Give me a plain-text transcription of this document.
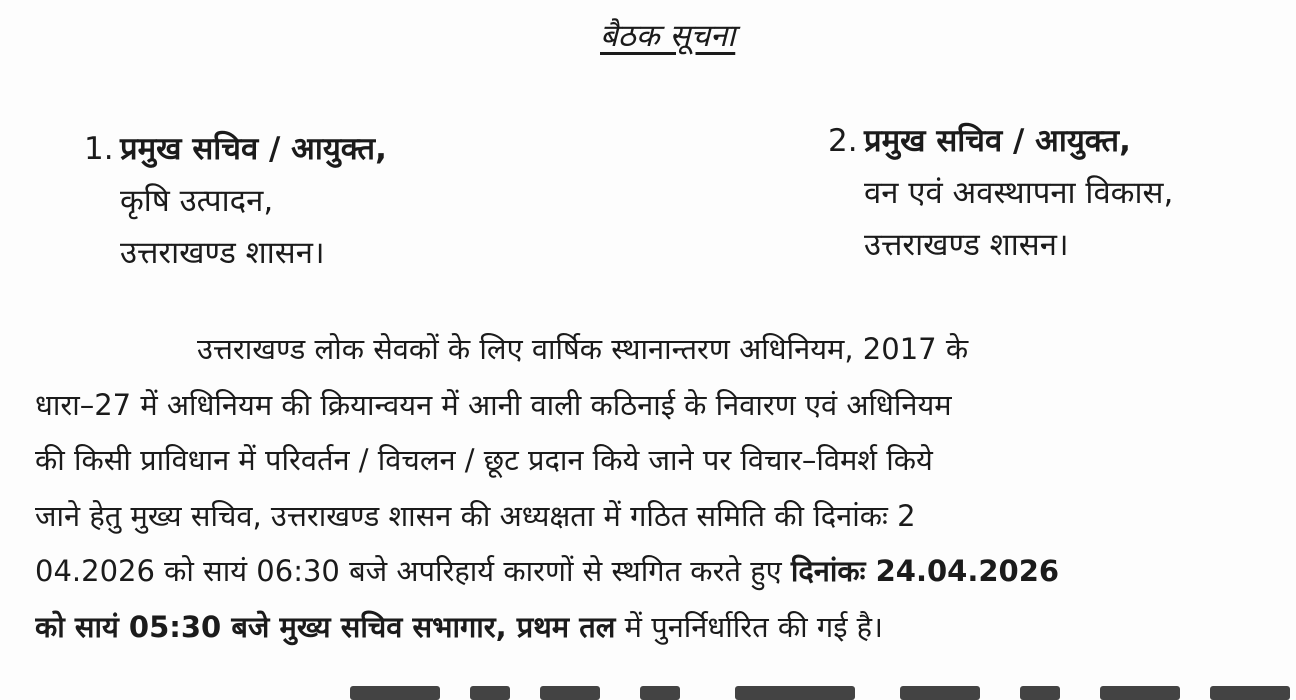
बैठक सूचना
1. प्रमुख सचिव / आयुक्त,
कृषि उत्पादन,
उत्तराखण्ड शासन।
2. प्रमुख सचिव / आयुक्त,
वन एवं अवस्थापना विकास,
उत्तराखण्ड शासन।
उत्तराखण्ड लोक सेवकों के लिए वार्षिक स्थानान्तरण अधिनियम, 2017 के
धारा–27 में अधिनियम की क्रियान्वयन में आनी वाली कठिनाई के निवारण एवं अधिनियम
की किसी प्राविधान में परिवर्तन / विचलन / छूट प्रदान किये जाने पर विचार–विमर्श किये
जाने हेतु मुख्य सचिव, उत्तराखण्ड शासन की अध्यक्षता में गठित समिति की दिनांकः 2
04.2026 को सायं 06:30 बजे अपरिहार्य कारणों से स्थगित करते हुए दिनांकः 24.04.2026
को सायं 05:30 बजे मुख्य सचिव सभागार, प्रथम तल में पुनर्निर्धारित की गई है।
